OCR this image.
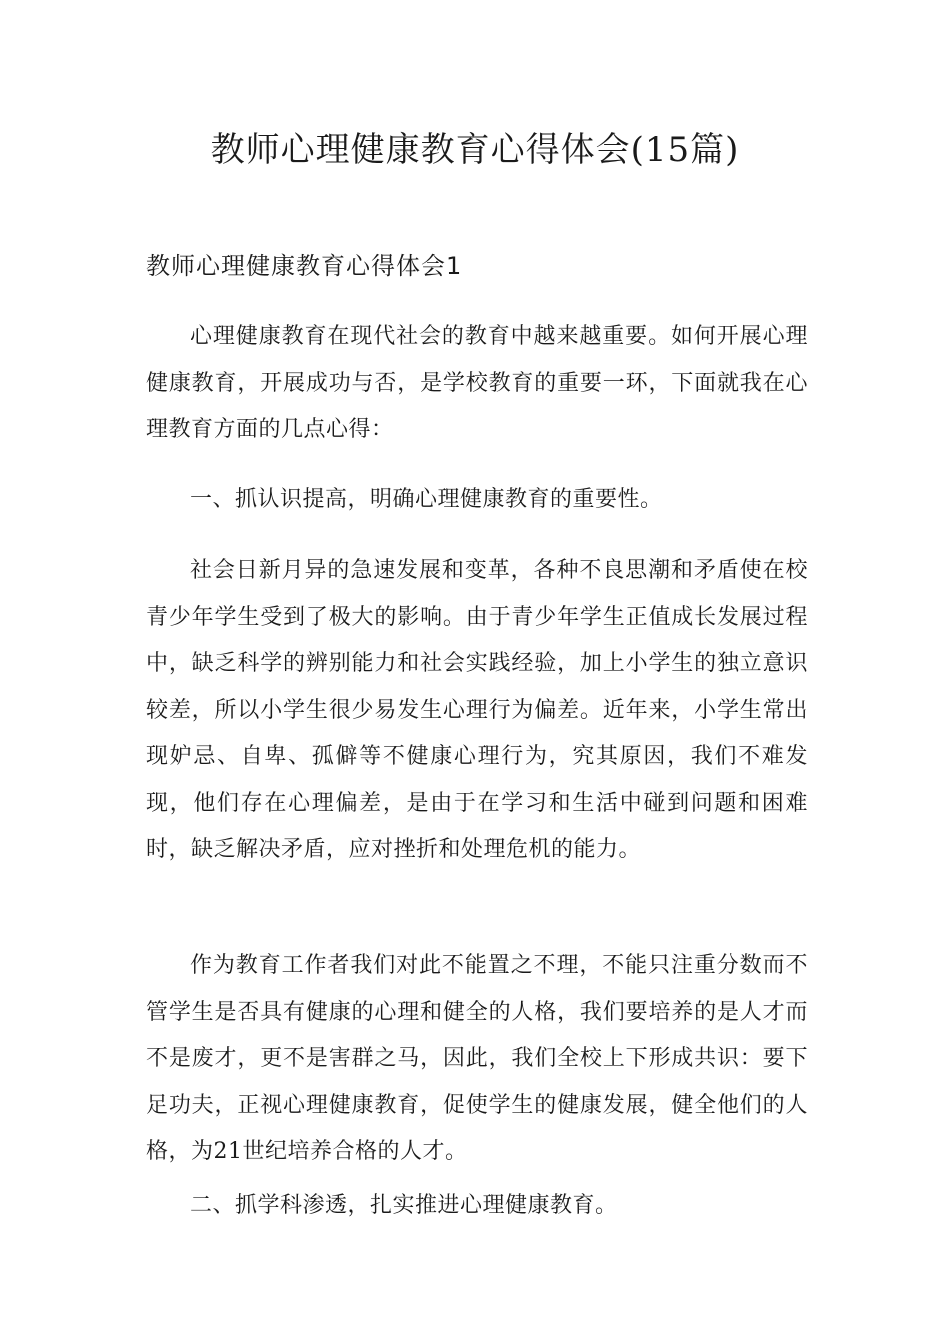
教师心理健康教育心得体会(15篇)
教师心理健康教育心得体会1

心理健康教育在现代社会的教育中越来越重要。如何开展心理健康教育，开展成功与否，是学校教育的重要一环，下面就我在心理教育方面的几点心得：

一、抓认识提高，明确心理健康教育的重要性。

社会日新月异的急速发展和变革，各种不良思潮和矛盾使在校青少年学生受到了极大的影响。由于青少年学生正值成长发展过程中，缺乏科学的辨别能力和社会实践经验，加上小学生的独立意识较差，所以小学生很少易发生心理行为偏差。近年来，小学生常出现妒忌、自卑、孤僻等不健康心理行为，究其原因，我们不难发现，他们存在心理偏差，是由于在学习和生活中碰到问题和困难时，缺乏解决矛盾，应对挫折和处理危机的能力。

作为教育工作者我们对此不能置之不理，不能只注重分数而不管学生是否具有健康的心理和健全的人格，我们要培养的是人才而不是废才，更不是害群之马，因此，我们全校上下形成共识：要下足功夫，正视心理健康教育，促使学生的健康发展，健全他们的人格，为21世纪培养合格的人才。

二、抓学科渗透，扎实推进心理健康教育。
